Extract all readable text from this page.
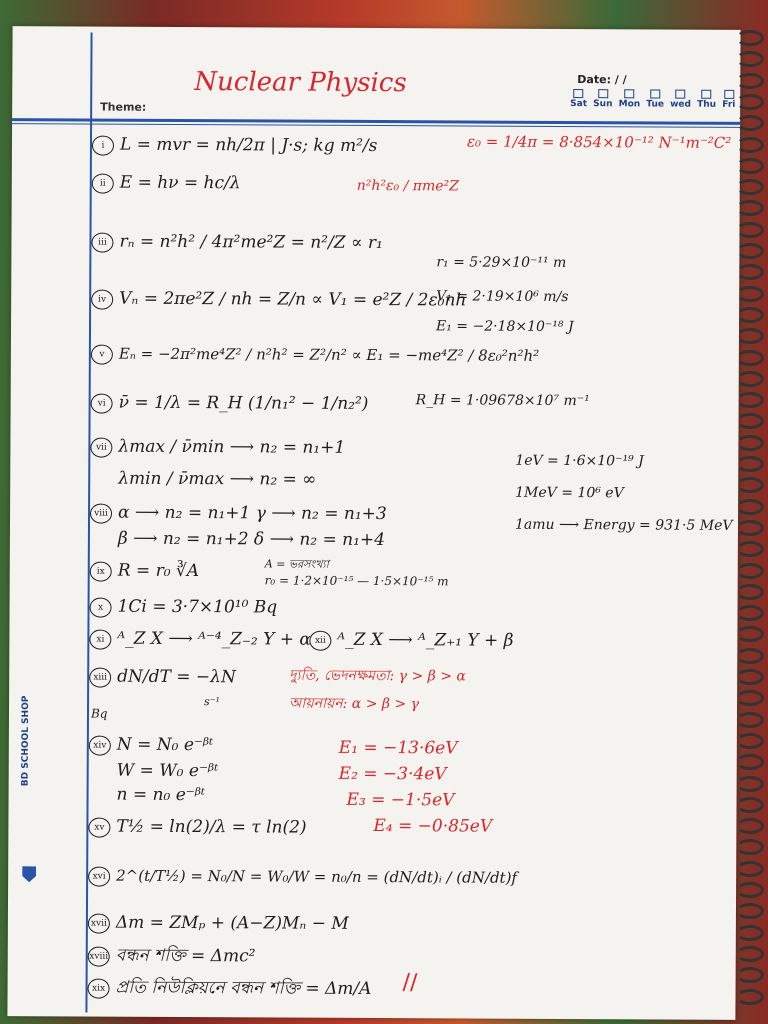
Nuclear Physics
Theme:
Date: / /
Sat Sun Mon Tue wed Thu Fri
BD SCHOOL SHOP
i L = mvr = nh/2π | J·s; kg m²/s	ε₀ = 1/4π = 8·854×10⁻¹² N⁻¹m⁻²C²
ii E = hν = hc/λ	n²h²ε₀ / πme²Z
iii rₙ = n²h² / 4π²me²Z = n²/Z ∝ r₁
r₁ = 5·29×10⁻¹¹ m
iv Vₙ = 2πe²Z / nh = Z/n ∝ V₁ = e²Z / 2ε₀nh
V₁ = 2·19×10⁶ m/s
E₁ = −2·18×10⁻¹⁸ J
v Eₙ = −2π²me⁴Z² / n²h² = Z²/n² ∝ E₁ = −me⁴Z² / 8ε₀²n²h²
vi ν̄ = 1/λ = R_H (1/n₁² − 1/n₂²)	R_H = 1·09678×10⁷ m⁻¹
vii λmax / ν̄min ⟶ n₂ = n₁+1
λmin / ν̄max ⟶ n₂ = ∞
1eV = 1·6×10⁻¹⁹ J
1MeV = 10⁶ eV
1amu ⟶ Energy = 931·5 MeV
viii α ⟶ n₂ = n₁+1 γ ⟶ n₂ = n₁+3
β ⟶ n₂ = n₁+2 δ ⟶ n₂ = n₁+4
ix R = r₀ ∛A	A = ভরসংখ্যা
r₀ = 1·2×10⁻¹⁵ — 1·5×10⁻¹⁵ m
x 1Ci = 3·7×10¹⁰ Bq
xi ᴬ_Z X ⟶ ᴬ⁻⁴_Z₋₂ Y + α xii ᴬ_Z X ⟶ ᴬ_Z₊₁ Y + β
xiii dN/dT = −λN
s⁻¹
Bq
দ্যুতি, ভেদনক্ষমতা: γ > β > α
আয়নায়ন: α > β > γ
xiv N = N₀ e⁻ᵝᵗ
W = W₀ e⁻ᵝᵗ
n = n₀ e⁻ᵝᵗ
E₁ = −13·6eV
E₂ = −3·4eV
E₃ = −1·5eV
E₄ = −0·85eV
xv T½ = ln(2)/λ = τ ln(2)
xvi 2^(t/T½) = N₀/N = W₀/W = n₀/n = (dN/dt)ᵢ / (dN/dt)f
xvii Δm = ZMₚ + (A−Z)Mₙ − M
xviii বন্ধন শক্তি = Δmc²
xix প্রতি নিউক্লিয়নে বন্ধন শক্তি = Δm/A //
